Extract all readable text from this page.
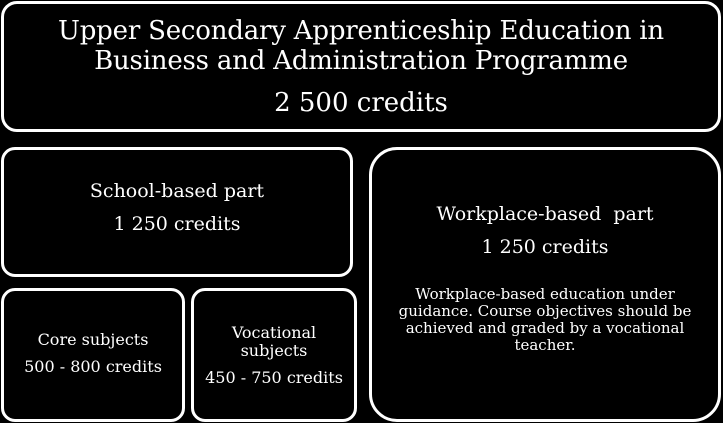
Upper Secondary Apprenticeship Education in
Business and Administration Programme
2 500 credits
School-based part
1 250 credits	Workplace-based  part
1 250 credits
Workplace-based education under guidance. Course objectives should be achieved and graded by a vocational teacher.
Core subjects
500 - 800 credits
Vocational subjects
450 - 750 credits
